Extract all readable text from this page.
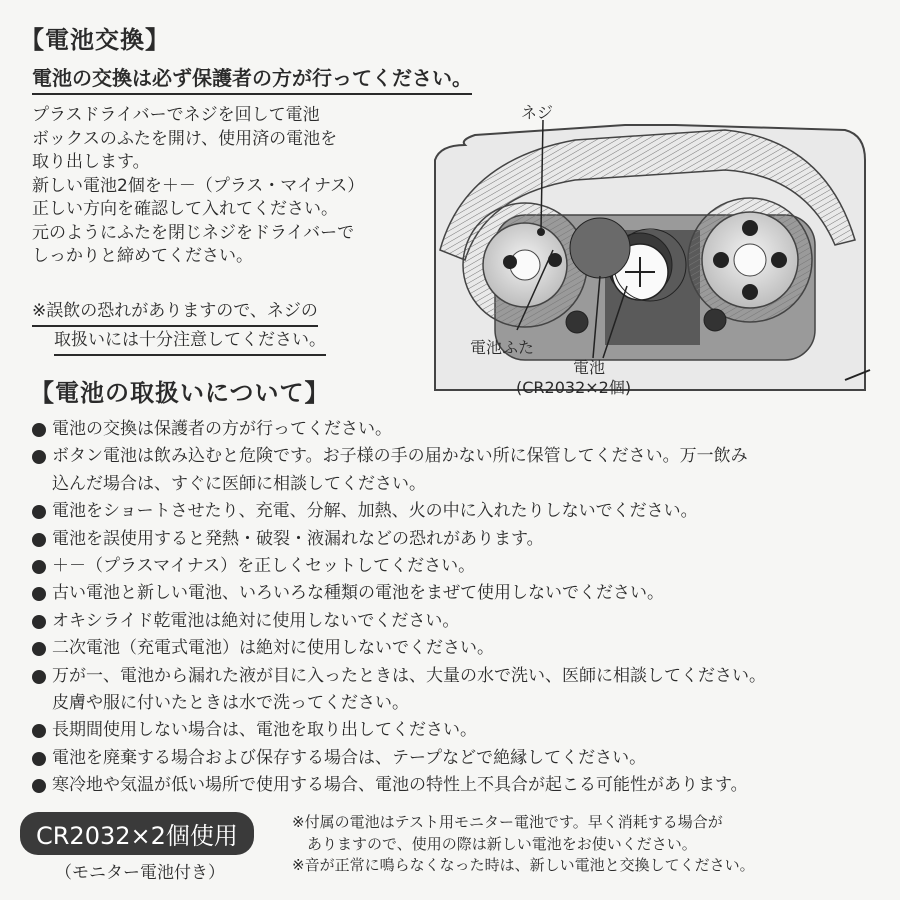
【電池交換】
電池の交換は必ず保護者の方が行ってください。

プラスドライバーでネジを回して電池

ボックスのふたを開け、使用済の電池を

取り出します。

新しい電池2個を＋－（プラス・マイナス）

正しい方向を確認して入れてください。

元のようにふたを閉じネジをドライバーで

しっかりと締めてください。

※誤飲の恐れがありますので、ネジの
取扱いには十分注意してください。
ネジ
電池ふた
電池
(CR2032×2個)
【電池の取扱いについて】
電池の交換は保護者の方が行ってください。
ボタン電池は飲み込むと危険です。お子様の手の届かない所に保管してください。万一飲み
込んだ場合は、すぐに医師に相談してください。
電池をショートさせたり、充電、分解、加熱、火の中に入れたりしないでください。
電池を誤使用すると発熱・破裂・液漏れなどの恐れがあります。
＋－（プラスマイナス）を正しくセットしてください。
古い電池と新しい電池、いろいろな種類の電池をまぜて使用しないでください。
オキシライド乾電池は絶対に使用しないでください。
二次電池（充電式電池）は絶対に使用しないでください。
万が一、電池から漏れた液が目に入ったときは、大量の水で洗い、医師に相談してください。
皮膚や服に付いたときは水で洗ってください。
長期間使用しない場合は、電池を取り出してください。
電池を廃棄する場合および保存する場合は、テープなどで絶縁してください。
寒冷地や気温が低い場所で使用する場合、電池の特性上不具合が起こる可能性があります。
CR2032×2個使用
（モニター電池付き）

※付属の電池はテスト用モニター電池です。早く消耗する場合が

　ありますので、使用の際は新しい電池をお使いください。

※音が正常に鳴らなくなった時は、新しい電池と交換してください。
